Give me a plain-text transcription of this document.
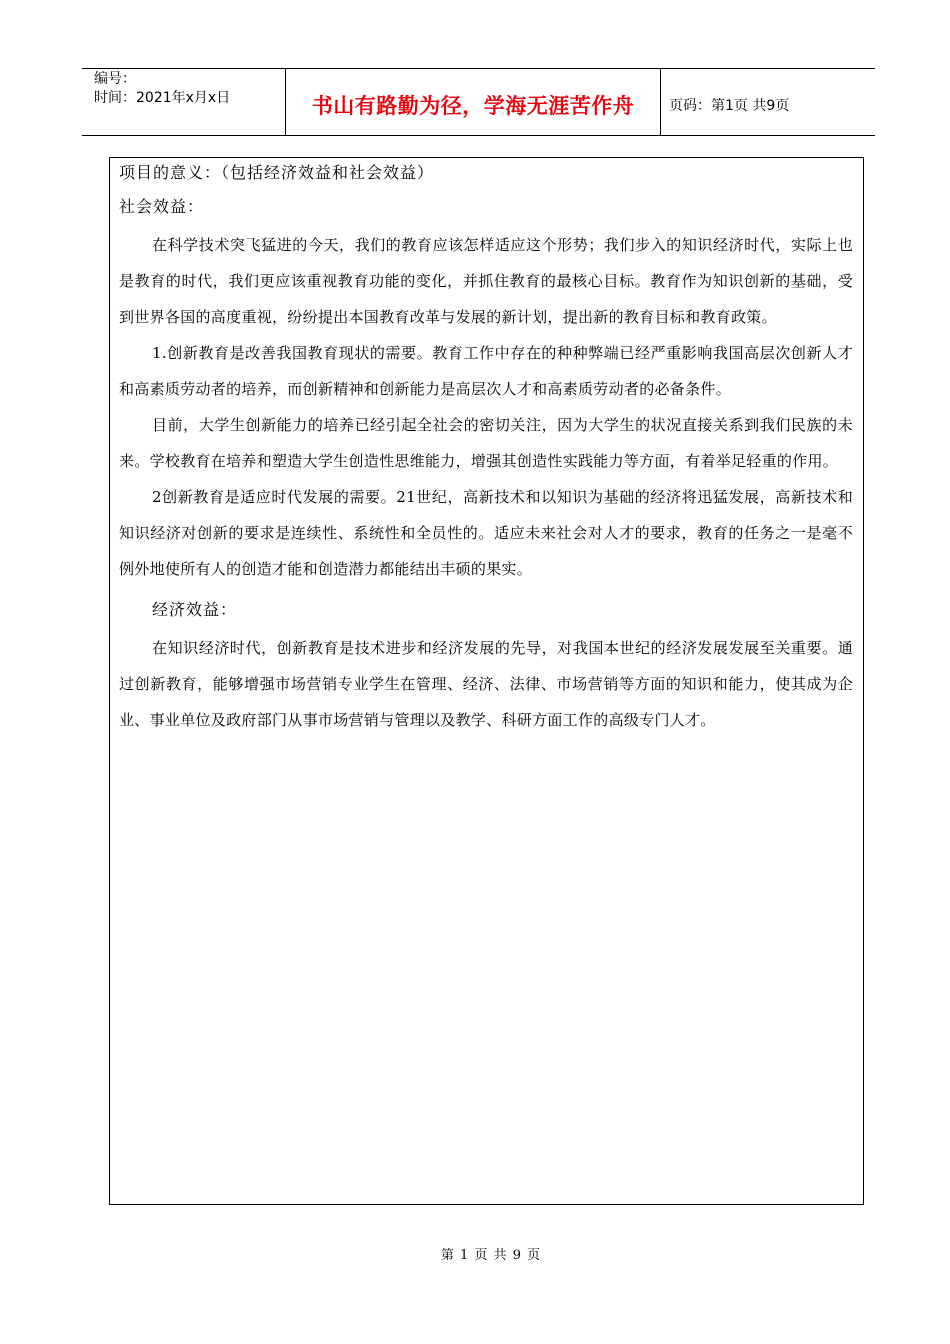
编号：
时间：2021年x月x日	书山有路勤为径，学海无涯苦作舟	页码：第1页 共9页

项目的意义：（包括经济效益和社会效益）

社会效益：

在科学技术突飞猛进的今天，我们的教育应该怎样适应这个形势；我们步入的知识经济时代，实际上也是教育的时代，我们更应该重视教育功能的变化，并抓住教育的最核心目标。教育作为知识创新的基础，受到世界各国的高度重视，纷纷提出本国教育改革与发展的新计划，提出新的教育目标和教育政策。

1.创新教育是改善我国教育现状的需要。教育工作中存在的种种弊端已经严重影响我国高层次创新人才和高素质劳动者的培养，而创新精神和创新能力是高层次人才和高素质劳动者的必备条件。

目前，大学生创新能力的培养已经引起全社会的密切关注，因为大学生的状况直接关系到我们民族的未来。学校教育在培养和塑造大学生创造性思维能力，增强其创造性实践能力等方面，有着举足轻重的作用。

2创新教育是适应时代发展的需要。21世纪，高新技术和以知识为基础的经济将迅猛发展，高新技术和知识经济对创新的要求是连续性、系统性和全员性的。适应未来社会对人才的要求，教育的任务之一是毫不例外地使所有人的创造才能和创造潜力都能结出丰硕的果实。

经济效益：

在知识经济时代，创新教育是技术进步和经济发展的先导，对我国本世纪的经济发展发展至关重要。通过创新教育，能够增强市场营销专业学生在管理、经济、法律、市场营销等方面的知识和能力，使其成为企业、事业单位及政府部门从事市场营销与管理以及教学、科研方面工作的高级专门人才。

第 1 页 共 9 页
